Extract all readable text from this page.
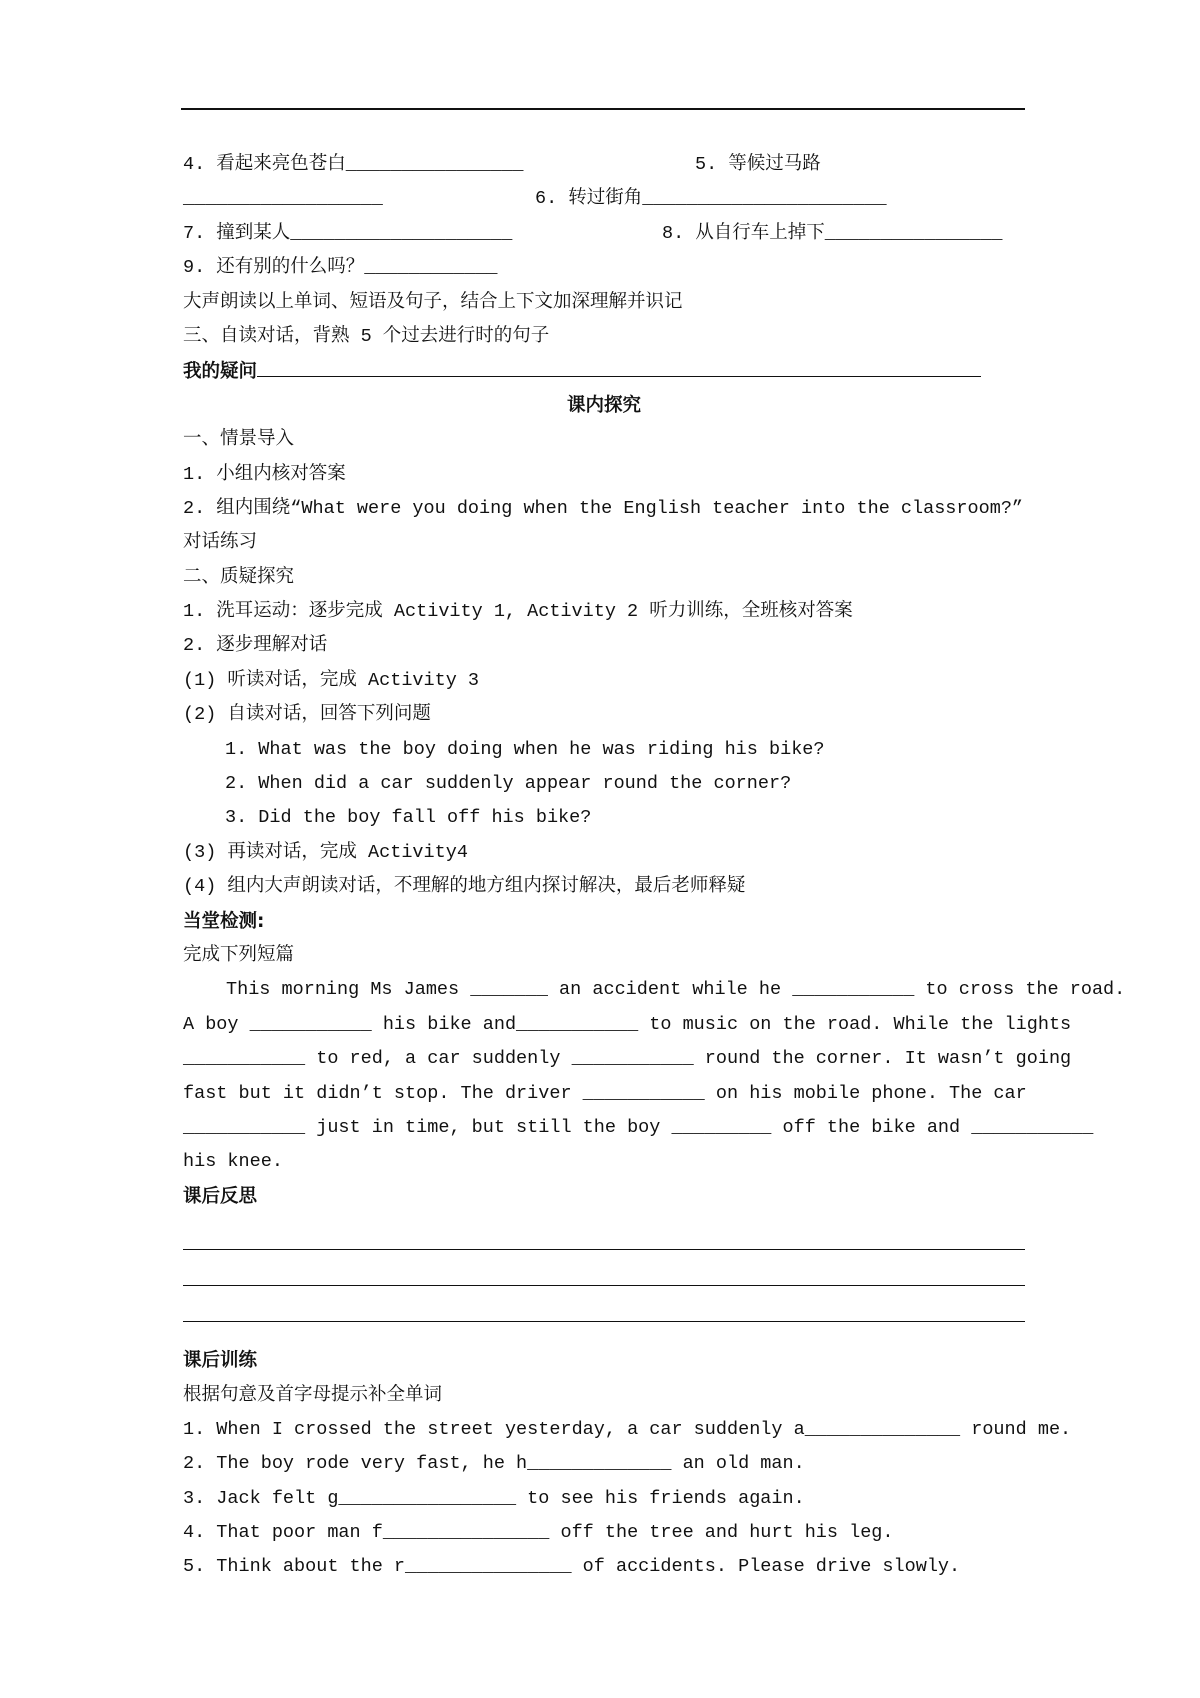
4. 看起来亮色苍白________________	5. 等候过马路
__________________	6. 转过街角______________________
7. 撞到某人____________________	8. 从自行车上掉下________________
9. 还有别的什么吗？____________
大声朗读以上单词、短语及句子，结合上下文加深理解并识记
三、自读对话，背熟 5 个过去进行时的句子
我的疑问
课内探究
一、情景导入
1. 小组内核对答案
2. 组内围绕“What were you doing when the English teacher into the classroom?”
对话练习
二、质疑探究
1. 洗耳运动：逐步完成 Activity 1, Activity 2 听力训练，全班核对答案
2. 逐步理解对话
(1) 听读对话，完成 Activity 3
(2) 自读对话，回答下列问题
1. What was the boy doing when he was riding his bike?
2. When did a car suddenly appear round the corner?
3. Did the boy fall off his bike?
(3) 再读对话，完成 Activity4
(4) 组内大声朗读对话，不理解的地方组内探讨解决，最后老师释疑
当堂检测:
完成下列短篇
This morning Ms James _______ an accident while he ___________ to cross the road.
A boy ___________ his bike and___________ to music on the road. While the lights
___________ to red, a car suddenly ___________ round the corner. It wasn’t going
fast but it didn’t stop. The driver ___________ on his mobile phone. The car
___________ just in time, but still the boy _________ off the bike and ___________
his knee.
课后反思
课后训练
根据句意及首字母提示补全单词
1. When I crossed the street yesterday, a car suddenly a______________ round me.
2. The boy rode very fast, he h_____________ an old man.
3. Jack felt g________________ to see his friends again.
4. That poor man f_______________ off the tree and hurt his leg.
5. Think about the r_______________ of accidents. Please drive slowly.
